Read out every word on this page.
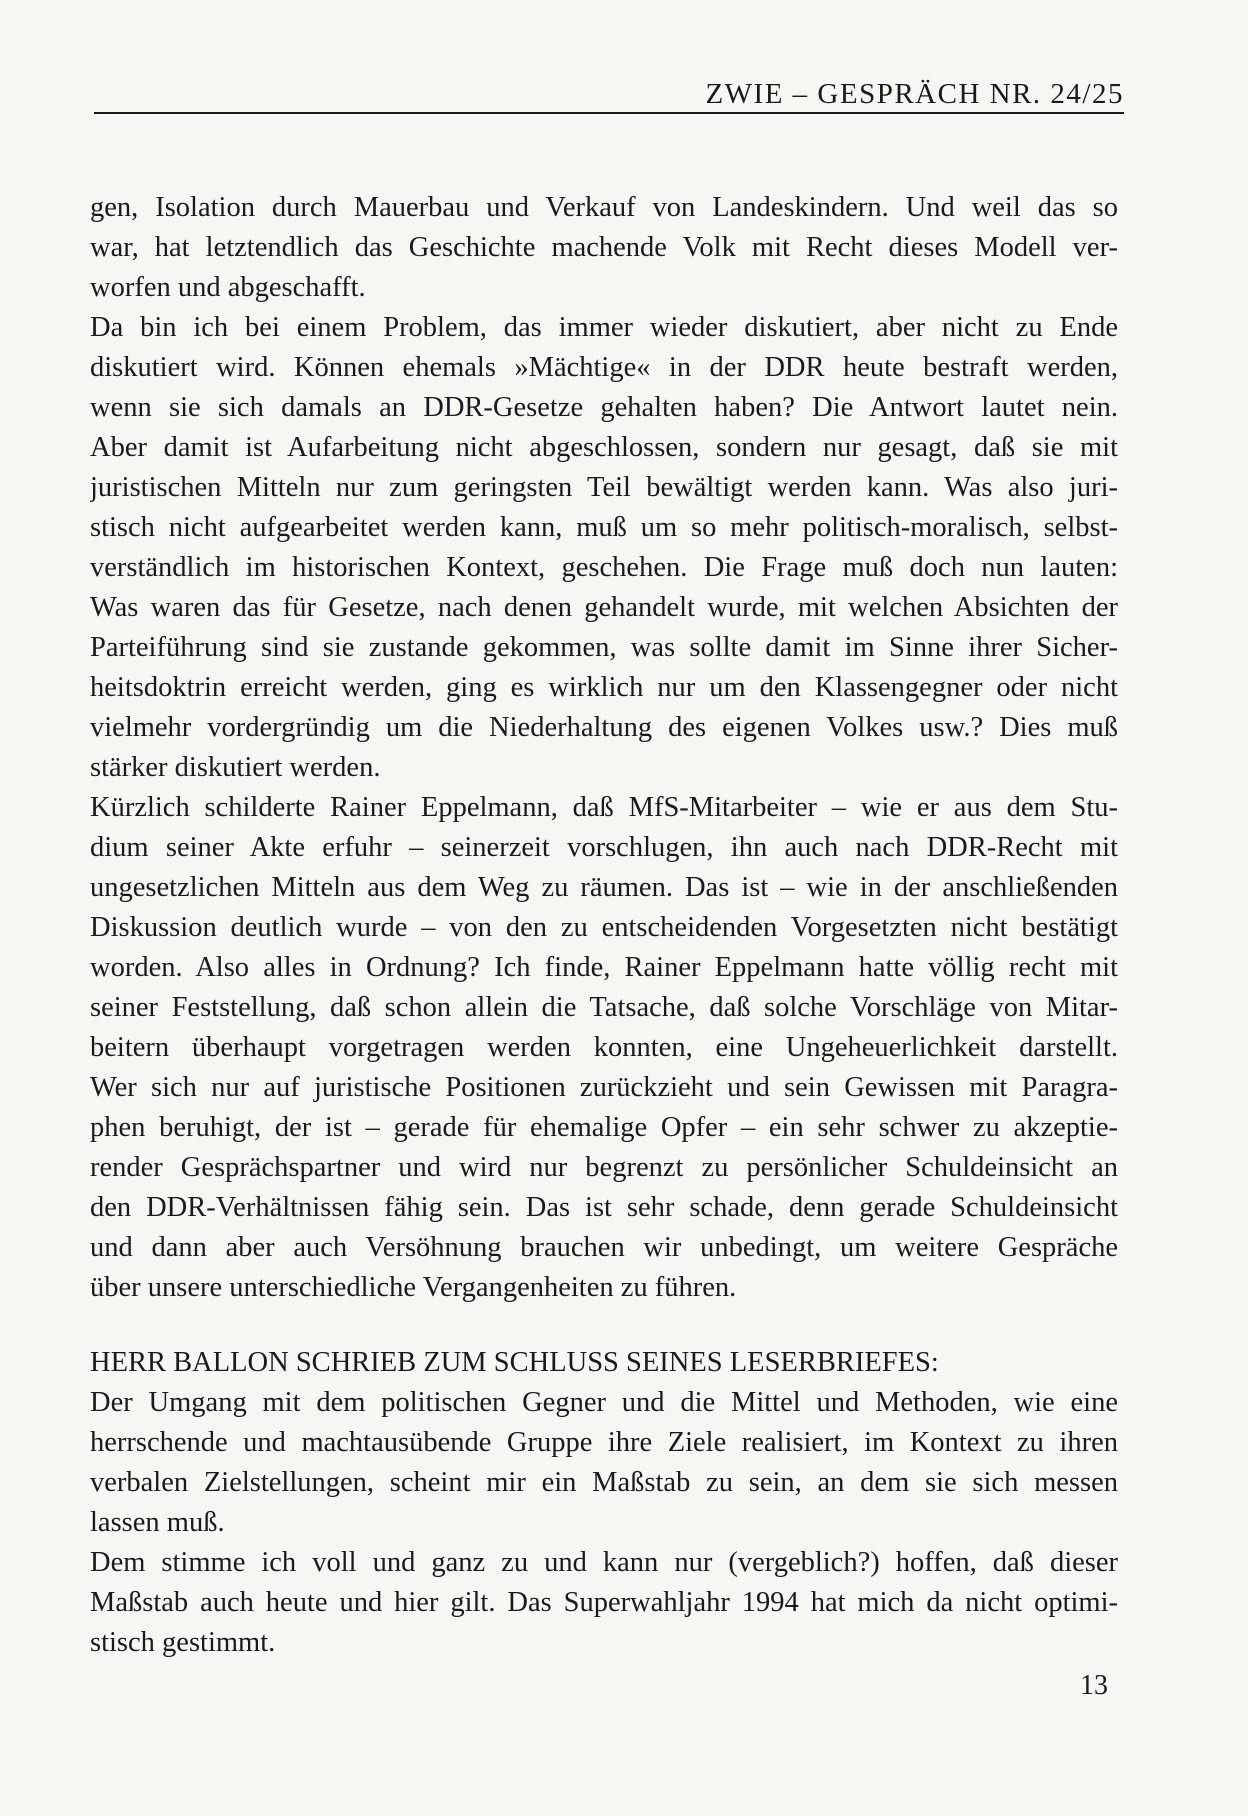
ZWIE – GESPRÄCH NR. 24/25
gen, Isolation durch Mauerbau und Verkauf von Landeskindern. Und weil das so
war, hat letztendlich das Geschichte machende Volk mit Recht dieses Modell ver-
worfen und abgeschafft.
Da bin ich bei einem Problem, das immer wieder diskutiert, aber nicht zu Ende
diskutiert wird. Können ehemals »Mächtige« in der DDR heute bestraft werden,
wenn sie sich damals an DDR-Gesetze gehalten haben? Die Antwort lautet nein.
Aber damit ist Aufarbeitung nicht abgeschlossen, sondern nur gesagt, daß sie mit
juristischen Mitteln nur zum geringsten Teil bewältigt werden kann. Was also juri-
stisch nicht aufgearbeitet werden kann, muß um so mehr politisch-moralisch, selbst-
verständlich im historischen Kontext, geschehen. Die Frage muß doch nun lauten:
Was waren das für Gesetze, nach denen gehandelt wurde, mit welchen Absichten der
Parteiführung sind sie zustande gekommen, was sollte damit im Sinne ihrer Sicher-
heitsdoktrin erreicht werden, ging es wirklich nur um den Klassengegner oder nicht
vielmehr vordergründig um die Niederhaltung des eigenen Volkes usw.? Dies muß
stärker diskutiert werden.
Kürzlich schilderte Rainer Eppelmann, daß MfS-Mitarbeiter – wie er aus dem Stu-
dium seiner Akte erfuhr – seinerzeit vorschlugen, ihn auch nach DDR-Recht mit
ungesetzlichen Mitteln aus dem Weg zu räumen. Das ist – wie in der anschließenden
Diskussion deutlich wurde – von den zu entscheidenden Vorgesetzten nicht bestätigt
worden. Also alles in Ordnung? Ich finde, Rainer Eppelmann hatte völlig recht mit
seiner Feststellung, daß schon allein die Tatsache, daß solche Vorschläge von Mitar-
beitern überhaupt vorgetragen werden konnten, eine Ungeheuerlichkeit darstellt.
Wer sich nur auf juristische Positionen zurückzieht und sein Gewissen mit Paragra-
phen beruhigt, der ist – gerade für ehemalige Opfer – ein sehr schwer zu akzeptie-
render Gesprächspartner und wird nur begrenzt zu persönlicher Schuldeinsicht an
den DDR-Verhältnissen fähig sein. Das ist sehr schade, denn gerade Schuldeinsicht
und dann aber auch Versöhnung brauchen wir unbedingt, um weitere Gespräche
über unsere unterschiedliche Vergangenheiten zu führen.
HERR BALLON SCHRIEB ZUM SCHLUSS SEINES LESERBRIEFES:
Der Umgang mit dem politischen Gegner und die Mittel und Methoden, wie eine
herrschende und machtausübende Gruppe ihre Ziele realisiert, im Kontext zu ihren
verbalen Zielstellungen, scheint mir ein Maßstab zu sein, an dem sie sich messen
lassen muß.
Dem stimme ich voll und ganz zu und kann nur (vergeblich?) hoffen, daß dieser
Maßstab auch heute und hier gilt. Das Superwahljahr 1994 hat mich da nicht optimi-
stisch gestimmt.
13
